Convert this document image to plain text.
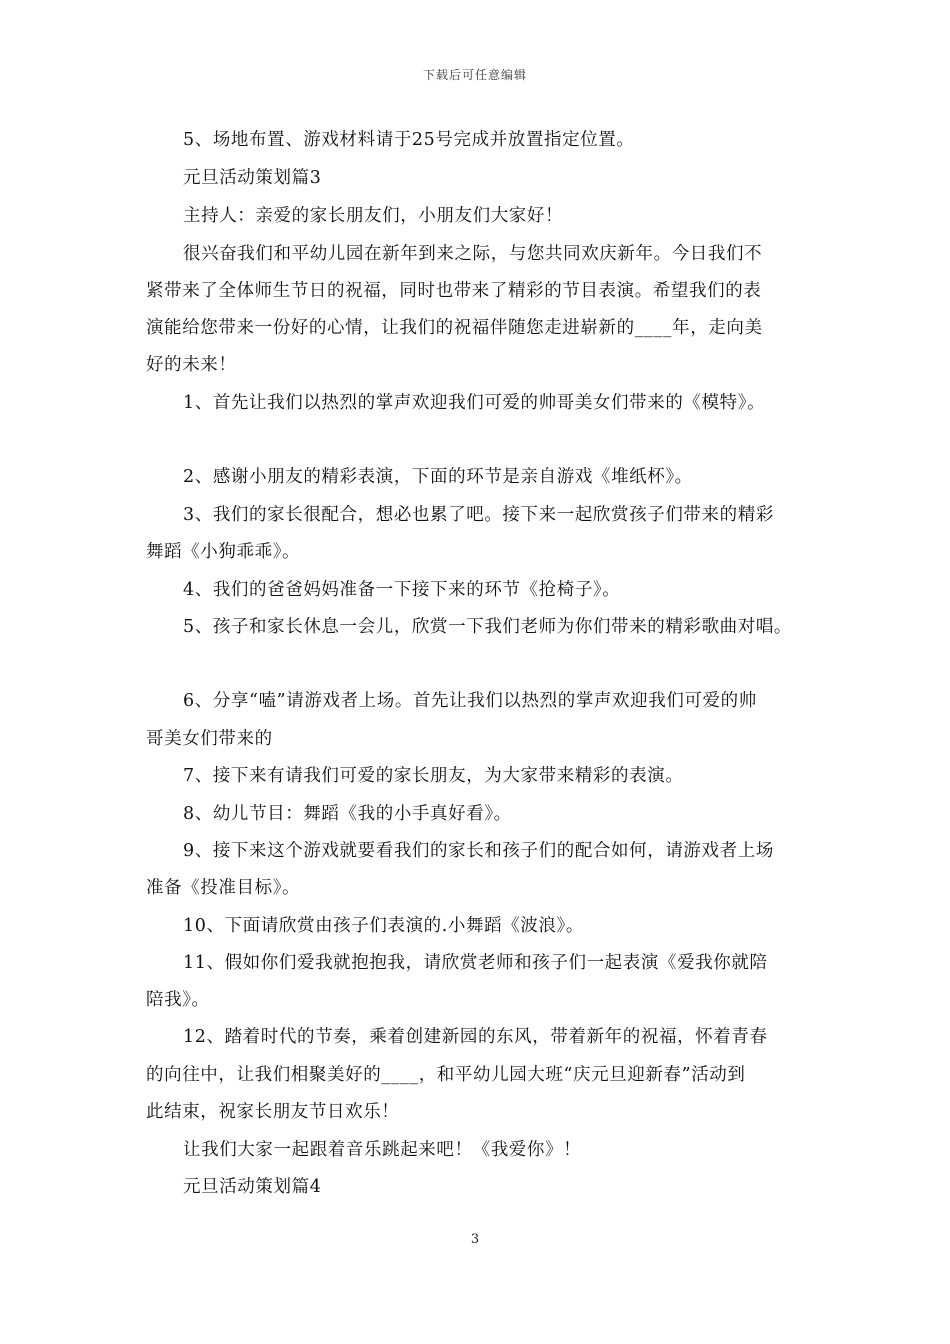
下载后可任意编辑
5、场地布置、游戏材料请于25号完成并放置指定位置。
元旦活动策划篇3
主持人：亲爱的家长朋友们，小朋友们大家好！
很兴奋我们和平幼儿园在新年到来之际，与您共同欢庆新年。今日我们不
紧带来了全体师生节日的祝福，同时也带来了精彩的节目表演。希望我们的表
演能给您带来一份好的心情，让我们的祝福伴随您走进崭新的____年，走向美
好的未来！
1、首先让我们以热烈的掌声欢迎我们可爱的帅哥美女们带来的《模特》。
2、感谢小朋友的精彩表演，下面的环节是亲自游戏《堆纸杯》。
3、我们的家长很配合，想必也累了吧。接下来一起欣赏孩子们带来的精彩
舞蹈《小狗乖乖》。
4、我们的爸爸妈妈准备一下接下来的环节《抢椅子》。
5、孩子和家长休息一会儿，欣赏一下我们老师为你们带来的精彩歌曲对唱。
6、分享“嗑”请游戏者上场。首先让我们以热烈的掌声欢迎我们可爱的帅
哥美女们带来的
7、接下来有请我们可爱的家长朋友，为大家带来精彩的表演。
8、幼儿节目：舞蹈《我的小手真好看》。
9、接下来这个游戏就要看我们的家长和孩子们的配合如何，请游戏者上场
准备《投准目标》。
10、下面请欣赏由孩子们表演的.小舞蹈《波浪》。
11、假如你们爱我就抱抱我，请欣赏老师和孩子们一起表演《爱我你就陪
陪我》。
12、踏着时代的节奏，乘着创建新园的东风，带着新年的祝福，怀着青春
的向往中，让我们相聚美好的____，和平幼儿园大班“庆元旦迎新春”活动到
此结束，祝家长朋友节日欢乐！
让我们大家一起跟着音乐跳起来吧！《我爱你》！
元旦活动策划篇4
3
